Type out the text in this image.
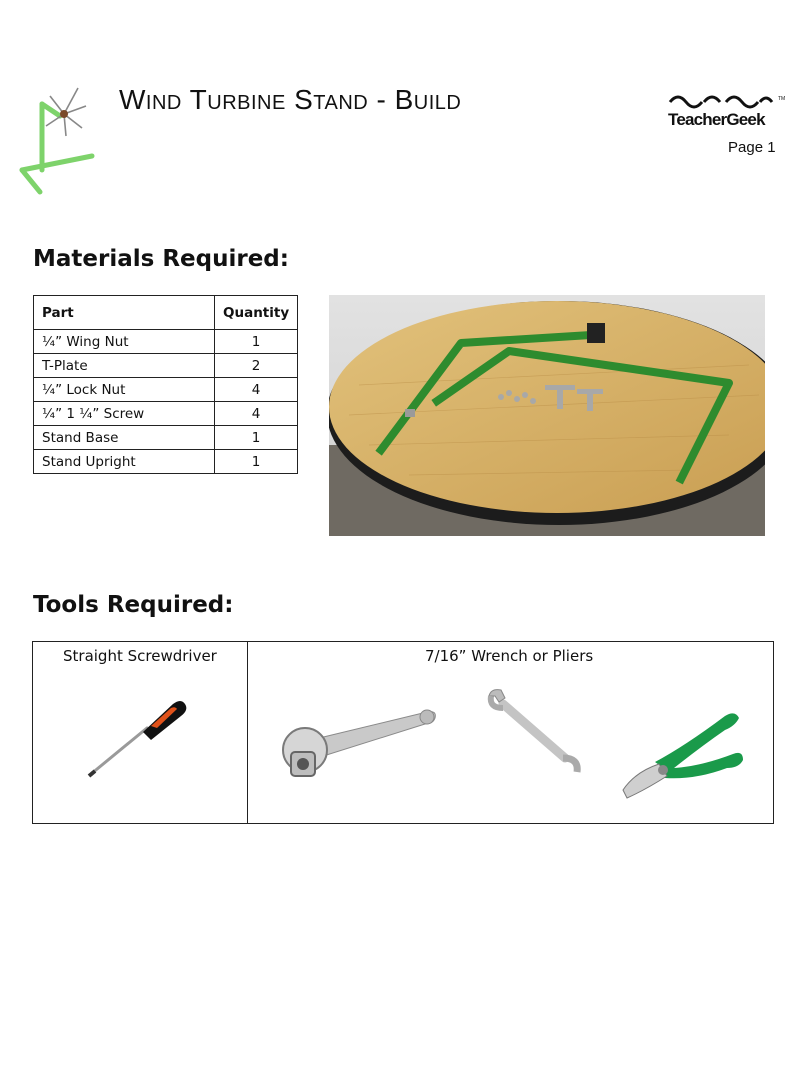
Wind Turbine Stand - Build
TeacherGeek
TM
Page 1
Materials Required:
Part	Quantity
¼” Wing Nut	1
T-Plate	2
¼” Lock Nut	4
¼” 1 ¼” Screw	4
Stand Base	1
Stand Upright	1
Tools Required:
Straight Screwdriver	7/16” Wrench or Pliers
